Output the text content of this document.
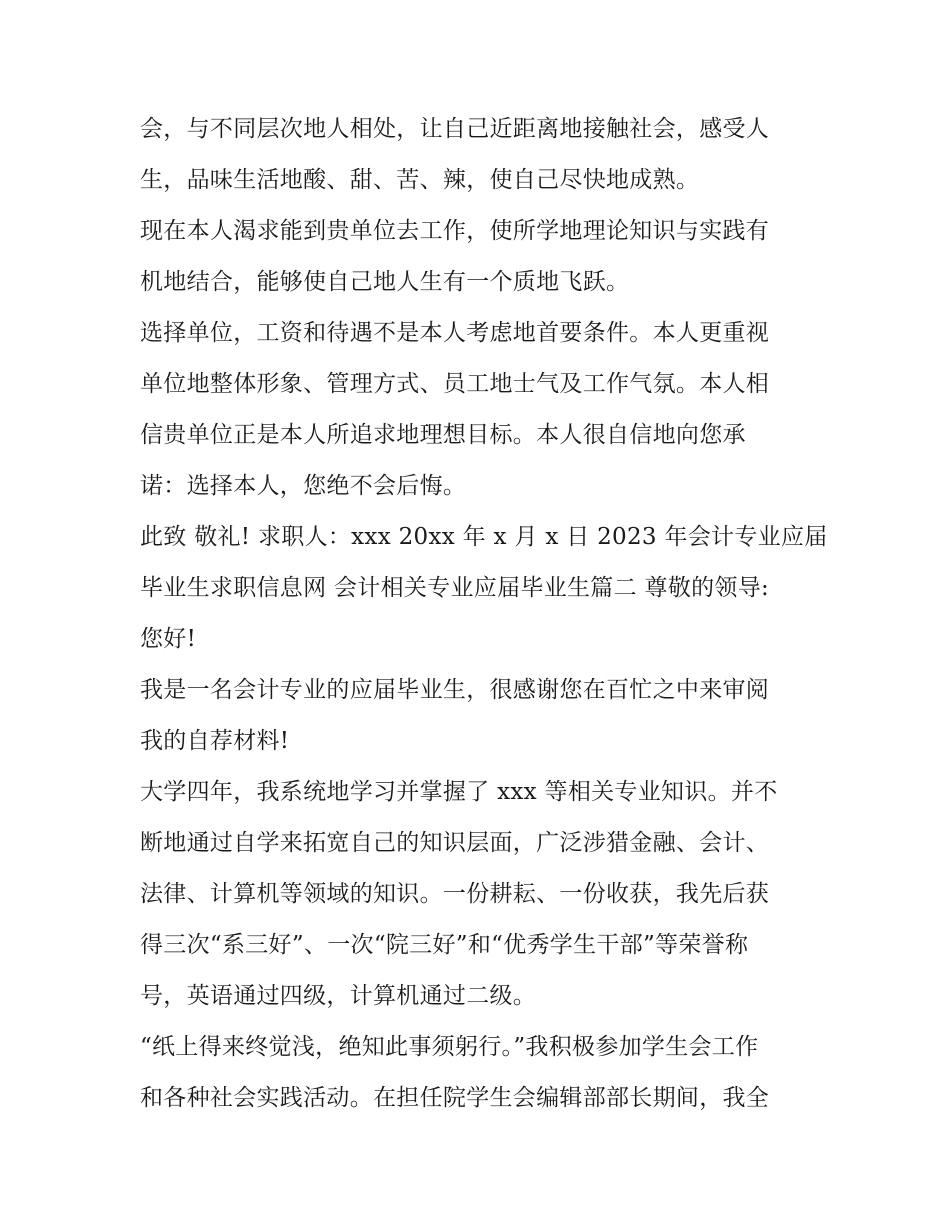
会，与不同层次地人相处，让自己近距离地接触社会，感受人
生，品味生活地酸、甜、苦、辣，使自己尽快地成熟。
现在本人渴求能到贵单位去工作，使所学地理论知识与实践有
机地结合，能够使自己地人生有一个质地飞跃。
选择单位，工资和待遇不是本人考虑地首要条件。本人更重视
单位地整体形象、管理方式、员工地士气及工作气氛。本人相
信贵单位正是本人所追求地理想目标。本人很自信地向您承
诺：选择本人，您绝不会后悔。
此致 敬礼! 求职人：xxx 20xx 年 x 月 x 日 2023 年会计专业应届
毕业生求职信息网 会计相关专业应届毕业生篇二 尊敬的领导:
您好!
我是一名会计专业的应届毕业生，很感谢您在百忙之中来审阅
我的自荐材料!
大学四年，我系统地学习并掌握了 xxx 等相关专业知识。并不
断地通过自学来拓宽自己的知识层面，广泛涉猎金融、会计、
法律、计算机等领域的知识。一份耕耘、一份收获，我先后获
得三次“系三好”、一次“院三好”和“优秀学生干部”等荣誉称
号，英语通过四级，计算机通过二级。
“纸上得来终觉浅，绝知此事须躬行。”我积极参加学生会工作
和各种社会实践活动。在担任院学生会编辑部部长期间，我全
